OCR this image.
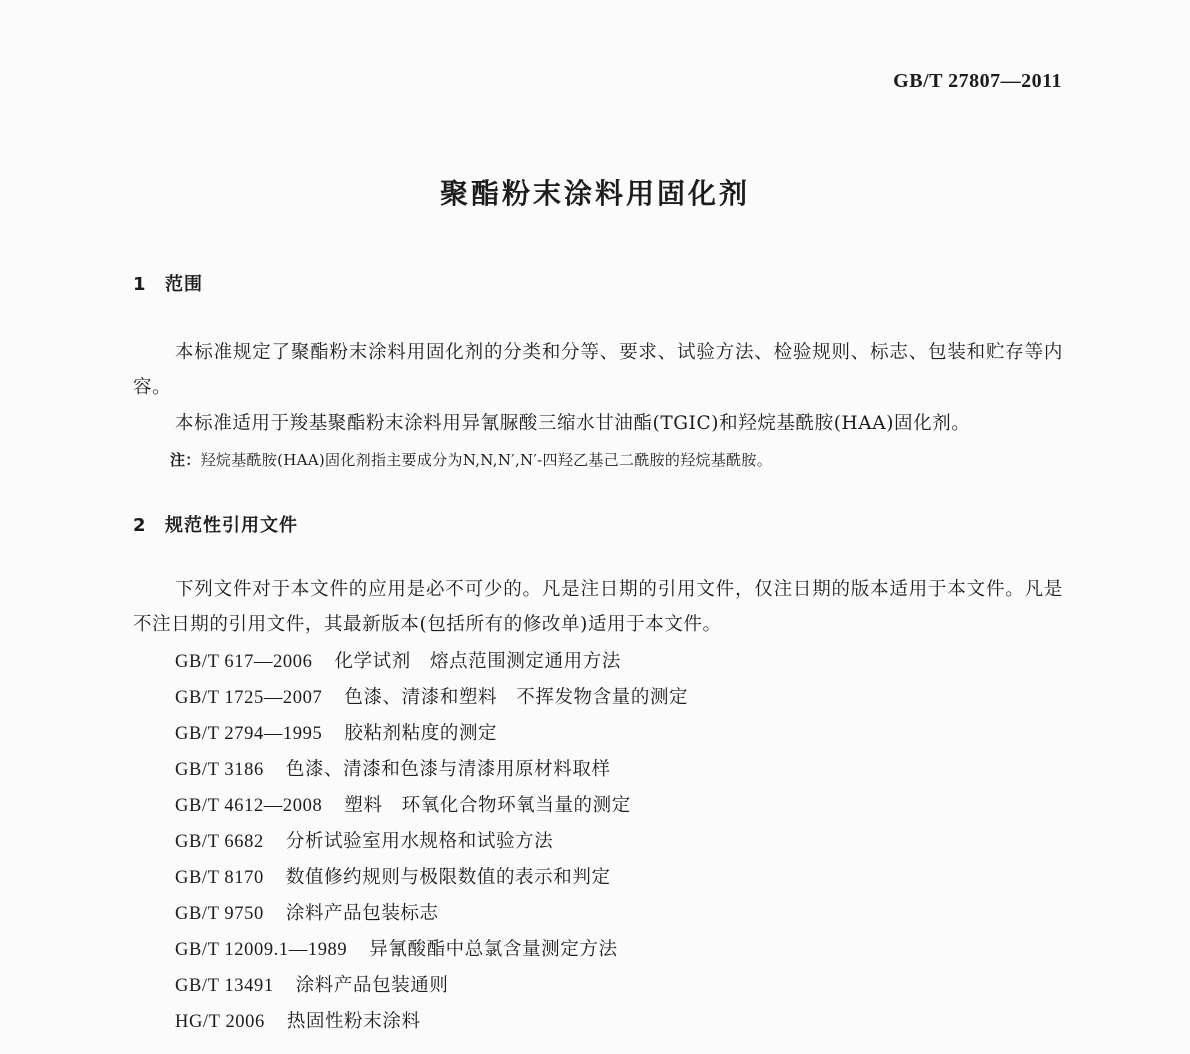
GB/T 27807—2011
聚酯粉末涂料用固化剂
1 范围
本标准规定了聚酯粉末涂料用固化剂的分类和分等、要求、试验方法、检验规则、标志、包装和贮存等内容。
本标准适用于羧基聚酯粉末涂料用异氰脲酸三缩水甘油酯(TGIC)和羟烷基酰胺(HAA)固化剂。
注：羟烷基酰胺(HAA)固化剂指主要成分为N,N,N′,N′-四羟乙基己二酰胺的羟烷基酰胺。
2 规范性引用文件
下列文件对于本文件的应用是必不可少的。凡是注日期的引用文件，仅注日期的版本适用于本文件。凡是不注日期的引用文件，其最新版本(包括所有的修改单)适用于本文件。
GB/T 617—2006 化学试剂　熔点范围测定通用方法
GB/T 1725—2007 色漆、清漆和塑料　不挥发物含量的测定
GB/T 2794—1995 胶粘剂粘度的测定
GB/T 3186 色漆、清漆和色漆与清漆用原材料取样
GB/T 4612—2008 塑料　环氧化合物环氧当量的测定
GB/T 6682 分析试验室用水规格和试验方法
GB/T 8170 数值修约规则与极限数值的表示和判定
GB/T 9750 涂料产品包装标志
GB/T 12009.1—1989 异氰酸酯中总氯含量测定方法
GB/T 13491 涂料产品包装通则
HG/T 2006 热固性粉末涂料
